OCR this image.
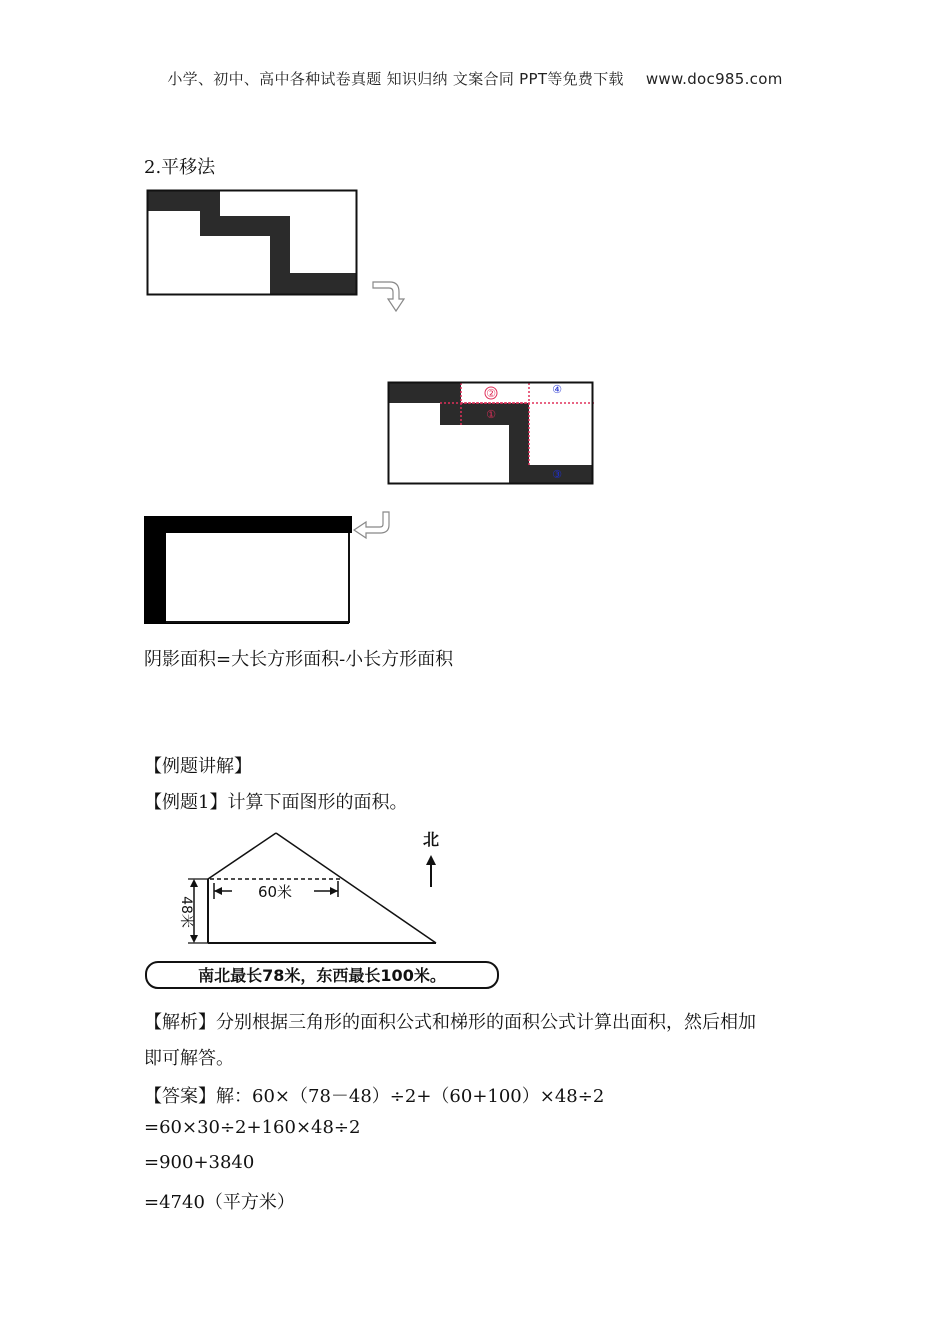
小学、初中、高中各种试卷真题 知识归纳 文案合同 PPT等免费下载 www.doc985.com
2.平移法
②
①
④
③
阴影面积=大长方形面积-小长方形面积
【例题讲解】
【例题1】计算下面图形的面积。
60米
48米
北
南北最长78米，东西最长100米。
【解析】分别根据三角形的面积公式和梯形的面积公式计算出面积，然后相加
即可解答。
【答案】解：60×（78－48）÷2+（60+100）×48÷2
=60×30÷2+160×48÷2
=900+3840
=4740（平方米）
